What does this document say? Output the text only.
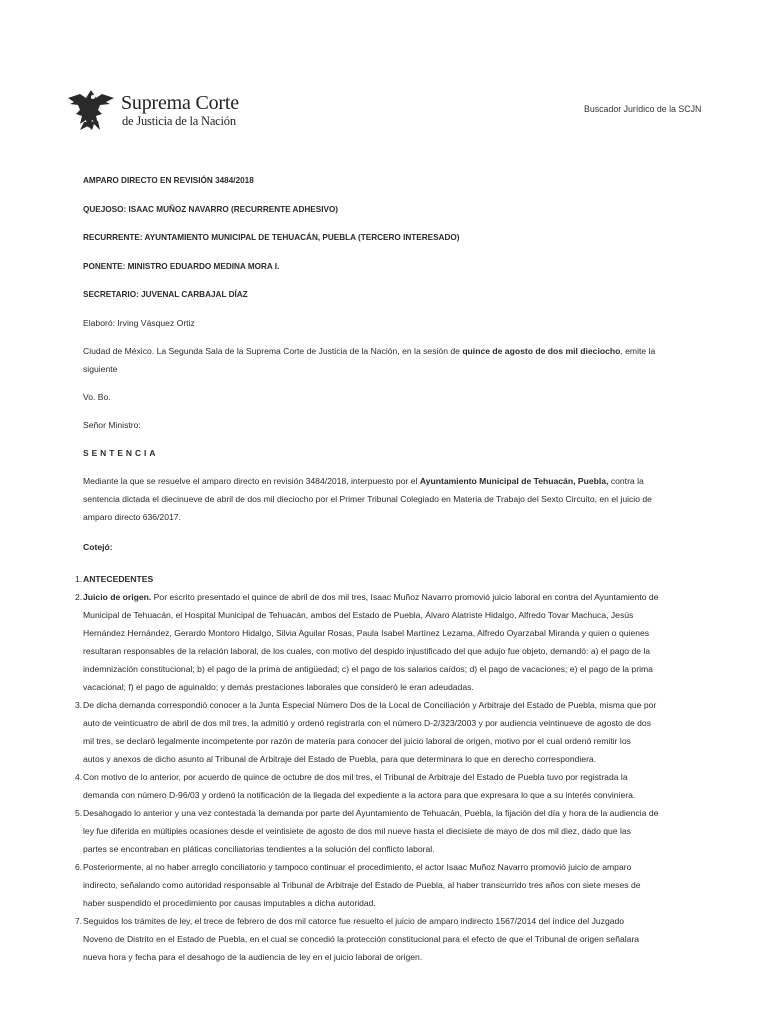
Suprema Corte
de Justicia de la Nación
Buscador Jurídico de la SCJN

AMPARO DIRECTO EN REVISIÓN 3484/2018

QUEJOSO: ISAAC MUÑOZ NAVARRO (RECURRENTE ADHESIVO)

RECURRENTE: AYUNTAMIENTO MUNICIPAL DE TEHUACÁN, PUEBLA (TERCERO INTERESADO)

PONENTE: MINISTRO EDUARDO MEDINA MORA I.

SECRETARIO: JUVENAL CARBAJAL DÍAZ

Elaboró: Irving Vásquez Ortiz

Ciudad de México. La Segunda Sala de la Suprema Corte de Justicia de la Nación, en la sesión de quince de agosto de dos mil dieciocho, emite la

siguiente

Vo. Bo.

Señor Ministro:

SENTENCIA

Mediante la que se resuelve el amparo directo en revisión 3484/2018, interpuesto por el Ayuntamiento Municipal de Tehuacán, Puebla, contra la

sentencia dictada el diecinueve de abril de dos mil dieciocho por el Primer Tribunal Colegiado en Materia de Trabajo del Sexto Circuito, en el juicio de

amparo directo 636/2017.

Cotejó:

1. ANTECEDENTES
2. Juicio de origen. Por escrito presentado el quince de abril de dos mil tres, Isaac Muñoz Navarro promovió juicio laboral en contra del Ayuntamiento de
Municipal de Tehuacán, el Hospital Municipal de Tehuacán, ambos del Estado de Puebla, Álvaro Alatriste Hidalgo, Alfredo Tovar Machuca, Jesús
Hernández Hernández, Gerardo Montoro Hidalgo, Silvia Aguilar Rosas, Paula Isabel Martínez Lezama, Alfredo Oyarzabal Miranda y quien o quienes
resultaran responsables de la relación laboral, de los cuales, con motivo del despido injustificado del que adujo fue objeto, demandó: a) el pago de la
indemnización constitucional; b) el pago de la prima de antigüedad; c) el pago de los salarios caídos; d) el pago de vacaciones; e) el pago de la prima
vacacional; f) el pago de aguinaldo; y demás prestaciones laborales que consideró le eran adeudadas.
3. De dicha demanda correspondió conocer a la Junta Especial Número Dos de la Local de Conciliación y Arbitraje del Estado de Puebla, misma que por
auto de veinticuatro de abril de dos mil tres, la admitió y ordenó registrarla con el número D-2/323/2003 y por audiencia veintinueve de agosto de dos
mil tres, se declaró legalmente incompetente por razón de materia para conocer del juicio laboral de origen, motivo por el cual ordenó remitir los
autos y anexos de dicho asunto al Tribunal de Arbitraje del Estado de Puebla, para que determinara lo que en derecho correspondiera.
4. Con motivo de lo anterior, por acuerdo de quince de octubre de dos mil tres, el Tribunal de Arbitraje del Estado de Puebla tuvo por registrada la
demanda con número D-96/03 y ordenó la notificación de la llegada del expediente a la actora para que expresara lo que a su interés conviniera.
5. Desahogado lo anterior y una vez contestada la demanda por parte del Ayuntamiento de Tehuacán, Puebla, la fijación del día y hora de la audiencia de
ley fue diferida en múltiples ocasiones desde el veintisiete de agosto de dos mil nueve hasta el diecisiete de mayo de dos mil diez, dado que las
partes se encontraban en pláticas conciliatorias tendientes a la solución del conflicto laboral.
6. Posteriormente, al no haber arreglo conciliatorio y tampoco continuar el procedimiento, el actor Isaac Muñoz Navarro promovió juicio de amparo
indirecto, señalando como autoridad responsable al Tribunal de Arbitraje del Estado de Puebla, al haber transcurrido tres años con siete meses de
haber suspendido el procedimiento por causas imputables a dicha autoridad.
7. Seguidos los trámites de ley, el trece de febrero de dos mil catorce fue resuelto el juicio de amparo indirecto 1567/2014 del índice del Juzgado
Noveno de Distrito en el Estado de Puebla, en el cual se concedió la protección constitucional para el efecto de que el Tribunal de origen señalara
nueva hora y fecha para el desahogo de la audiencia de ley en el juicio laboral de origen.
